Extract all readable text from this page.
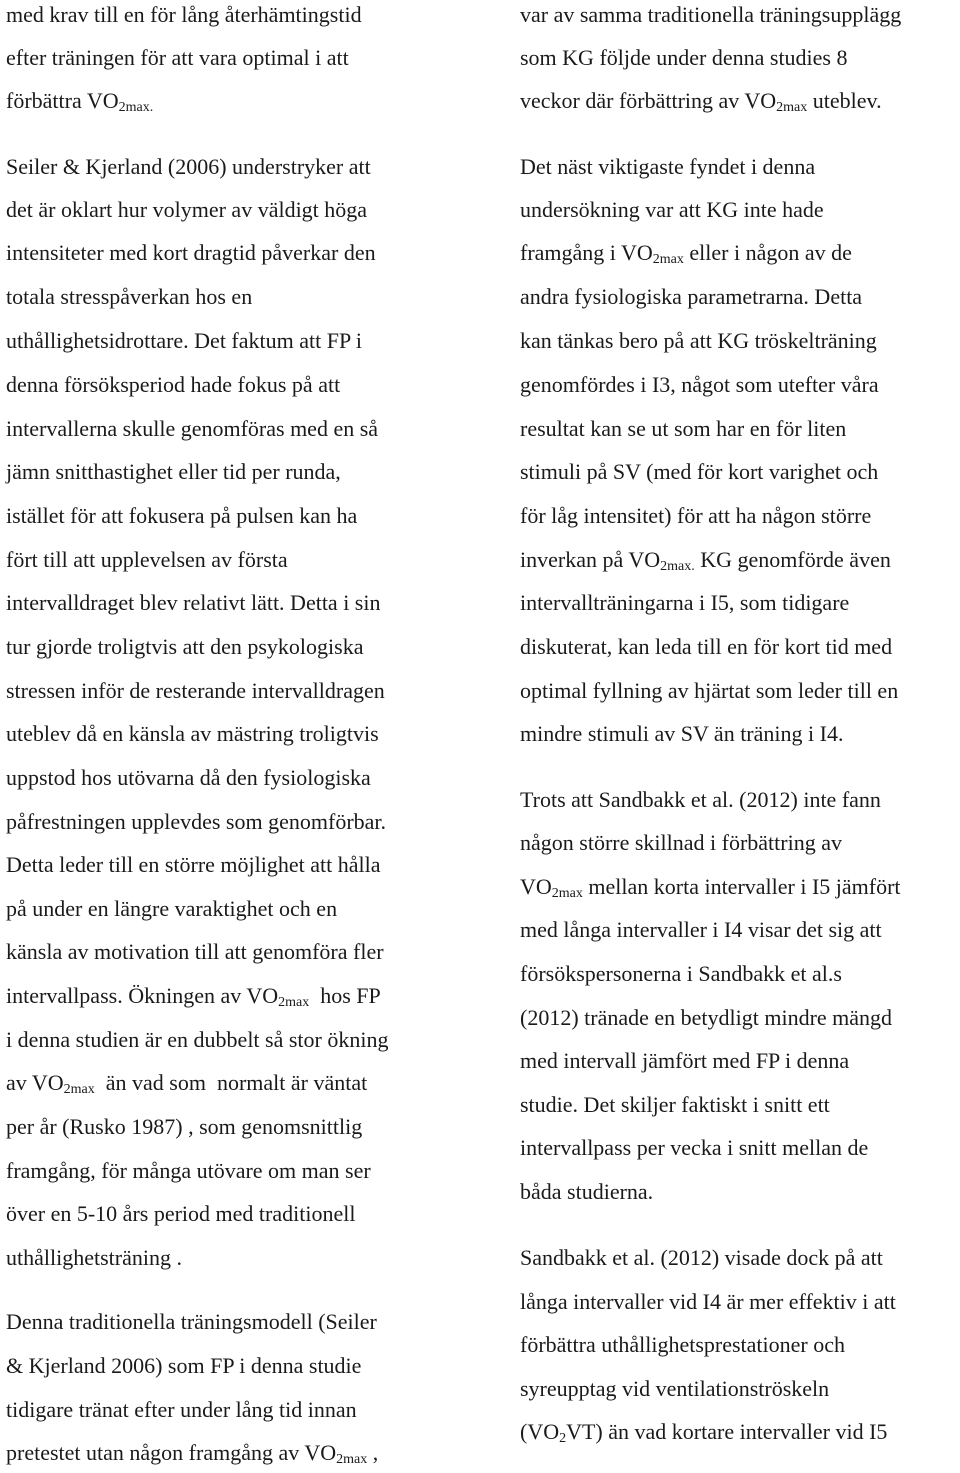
med krav till en för lång återhämtingstid
efter träningen för att vara optimal i att
förbättra $VO_{2max.}$
Seiler & Kjerland (2006) understryker att
det är oklart hur volymer av väldigt höga
intensiteter med kort dragtid påverkar den
totala stresspåverkan hos en
uthållighetsidrottare. Det faktum att FP i
denna försöksperiod hade fokus på att
intervallerna skulle genomföras med en så
jämn snitthastighet eller tid per runda,
istället för att fokusera på pulsen kan ha
fört till att upplevelsen av första
intervalldraget blev relativt lätt. Detta i sin
tur gjorde troligtvis att den psykologiska
stressen inför de resterande intervalldragen
uteblev då en känsla av mästring troligtvis
uppstod hos utövarna då den fysiologiska
påfrestningen upplevdes som genomförbar.
Detta leder till en större möjlighet att hålla
på under en längre varaktighet och en
känsla av motivation till att genomföra fler
intervallpass. Ökningen av $VO_{2max}$  hos FP
i denna studien är en dubbelt så stor ökning
av $VO_{2max}$  än vad som  normalt är väntat
per år (Rusko 1987) , som genomsnittlig
framgång, för många utövare om man ser
över en 5-10 års period med traditionell
uthållighetsträning .
Denna traditionella träningsmodell (Seiler
& Kjerland 2006) som FP i denna studie
tidigare tränat efter under lång tid innan
pretestet utan någon framgång av $VO_{2max}$ ,
var av samma traditionella träningsupplägg
som KG följde under denna studies 8
veckor där förbättring av $VO_{2max}$ uteblev.
Det näst viktigaste fyndet i denna
undersökning var att KG inte hade
framgång i $VO_{2max}$ eller i någon av de
andra fysiologiska parametrarna. Detta
kan tänkas bero på att KG tröskelträning
genomfördes i I3, något som utefter våra
resultat kan se ut som har en för liten
stimuli på SV (med för kort varighet och
för låg intensitet) för att ha någon större
inverkan på $VO_{2max.}$ KG genomförde även
intervallträningarna i I5, som tidigare
diskuterat, kan leda till en för kort tid med
optimal fyllning av hjärtat som leder till en
mindre stimuli av SV än träning i I4.
Trots att Sandbakk et al. (2012) inte fann
någon större skillnad i förbättring av
$VO_{2max}$ mellan korta intervaller i I5 jämfört
med långa intervaller i I4 visar det sig att
försökspersonerna i Sandbakk et al.s
(2012) tränade en betydligt mindre mängd
med intervall jämfört med FP i denna
studie. Det skiljer faktiskt i snitt ett
intervallpass per vecka i snitt mellan de
båda studierna.
Sandbakk et al. (2012) visade dock på att
långa intervaller vid I4 är mer effektiv i att
förbättra uthållighetsprestationer och
syreupptag vid ventilationströskeln
$(VO_2VT)$ än vad kortare intervaller vid I5
